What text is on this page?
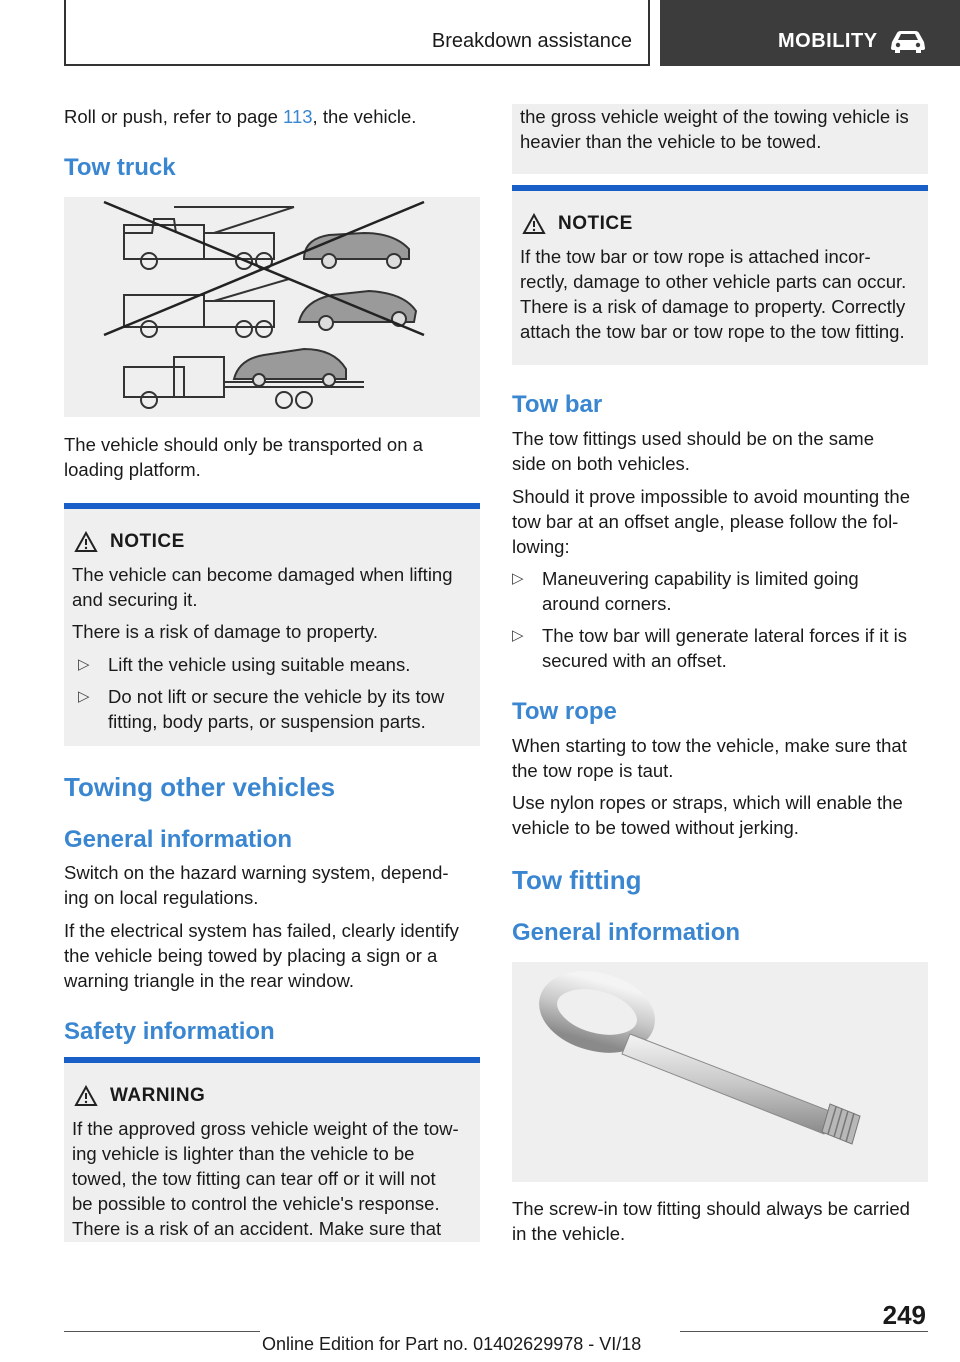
Breakdown assistance	MOBILITY
Roll or push, refer to page 113, the vehicle.
Tow truck
The vehicle should only be transported on a
loading platform.
NOTICE
The vehicle can become damaged when lifting
and securing it.
There is a risk of damage to property.
▷ Lift the vehicle using suitable means.
▷ Do not lift or secure the vehicle by its tow
fitting, body parts, or suspension parts.
Towing other vehicles
General information
Switch on the hazard warning system, depend-
ing on local regulations.
If the electrical system has failed, clearly identify
the vehicle being towed by placing a sign or a
warning triangle in the rear window.
Safety information
WARNING
If the approved gross vehicle weight of the tow-
ing vehicle is lighter than the vehicle to be
towed, the tow fitting can tear off or it will not
be possible to control the vehicle's response.
There is a risk of an accident. Make sure that
the gross vehicle weight of the towing vehicle is
heavier than the vehicle to be towed.
NOTICE
If the tow bar or tow rope is attached incor-
rectly, damage to other vehicle parts can occur.
There is a risk of damage to property. Correctly
attach the tow bar or tow rope to the tow fitting.
Tow bar
The tow fittings used should be on the same
side on both vehicles.
Should it prove impossible to avoid mounting the
tow bar at an offset angle, please follow the fol-
lowing:
▷ Maneuvering capability is limited going
around corners.
▷ The tow bar will generate lateral forces if it is
secured with an offset.
Tow rope
When starting to tow the vehicle, make sure that
the tow rope is taut.
Use nylon ropes or straps, which will enable the
vehicle to be towed without jerking.
Tow fitting
General information
The screw-in tow fitting should always be carried
in the vehicle.
249
Online Edition for Part no. 01402629978 - VI/18
